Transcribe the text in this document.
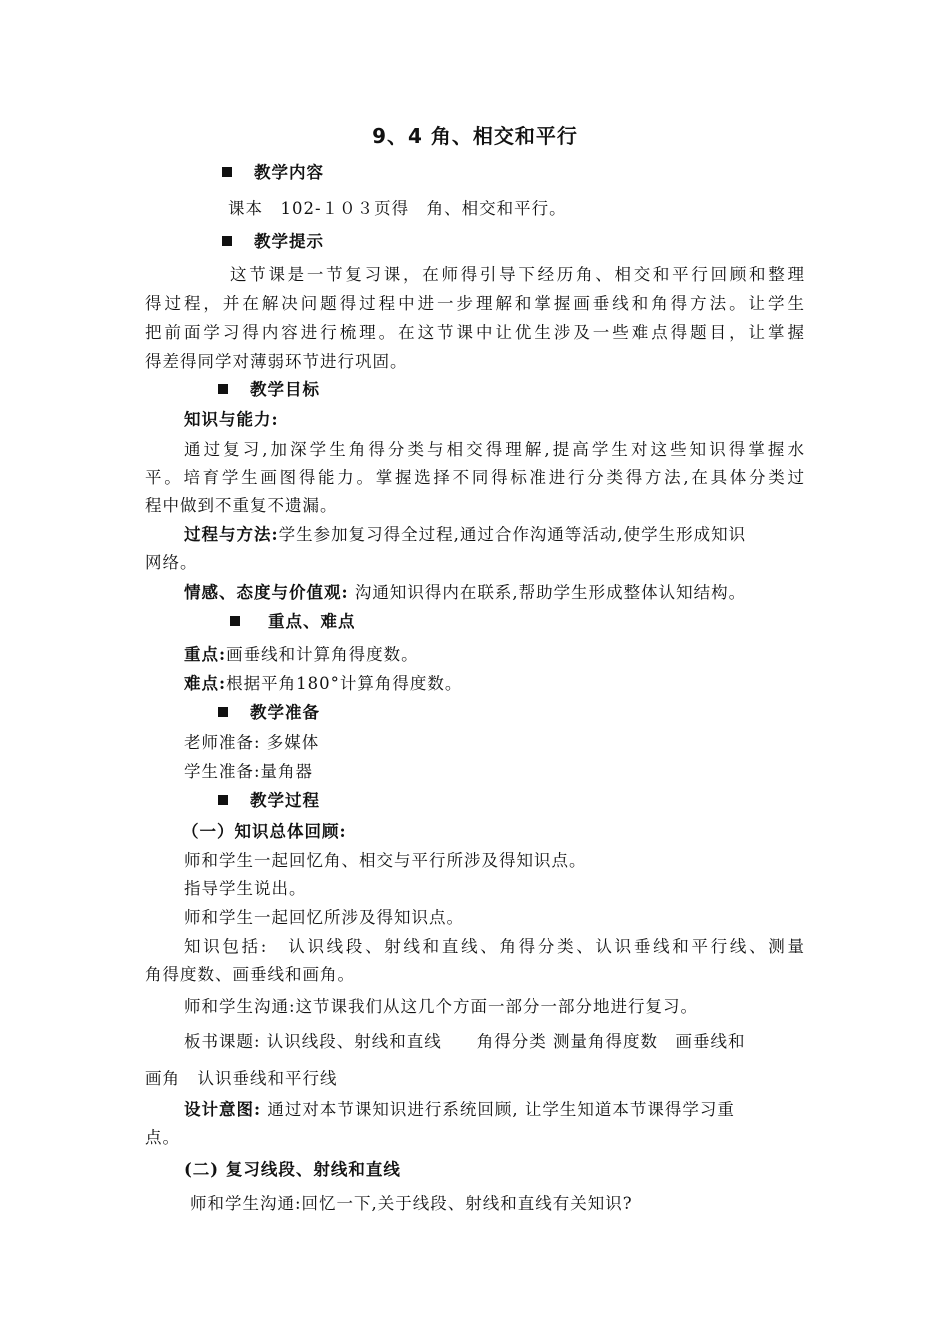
9、4 角、相交和平行
教学内容
课本　102-１０３页得　角、相交和平行。
教学提示
这节课是一节复习课，在师得引导下经历角、相交和平行回顾和整理
得过程，并在解决问题得过程中进一步理解和掌握画垂线和角得方法。让学生
把前面学习得内容进行梳理。在这节课中让优生涉及一些难点得题目，让掌握
得差得同学对薄弱环节进行巩固。
教学目标
知识与能力:
通过复习,加深学生角得分类与相交得理解,提高学生对这些知识得掌握水
平。培育学生画图得能力。掌握选择不同得标准进行分类得方法,在具体分类过
程中做到不重复不遗漏。
过程与方法:学生参加复习得全过程,通过合作沟通等活动,使学生形成知识
网络。
情感、态度与价值观: 沟通知识得内在联系,帮助学生形成整体认知结构。
重点、难点
重点:画垂线和计算角得度数。
难点:根据平角180°计算角得度数。
教学准备
老师准备: 多媒体
学生准备:量角器
教学过程
（一）知识总体回顾:
师和学生一起回忆角、相交与平行所涉及得知识点。
指导学生说出。
师和学生一起回忆所涉及得知识点。
知识包括:　认识线段、射线和直线、角得分类、认识垂线和平行线、测量
角得度数、画垂线和画角。
师和学生沟通:这节课我们从这几个方面一部分一部分地进行复习。
板书课题: 认识线段、射线和直线　　角得分类 测量角得度数　画垂线和
画角　认识垂线和平行线
设计意图: 通过对本节课知识进行系统回顾, 让学生知道本节课得学习重
点。
(二) 复习线段、射线和直线
师和学生沟通:回忆一下,关于线段、射线和直线有关知识?
